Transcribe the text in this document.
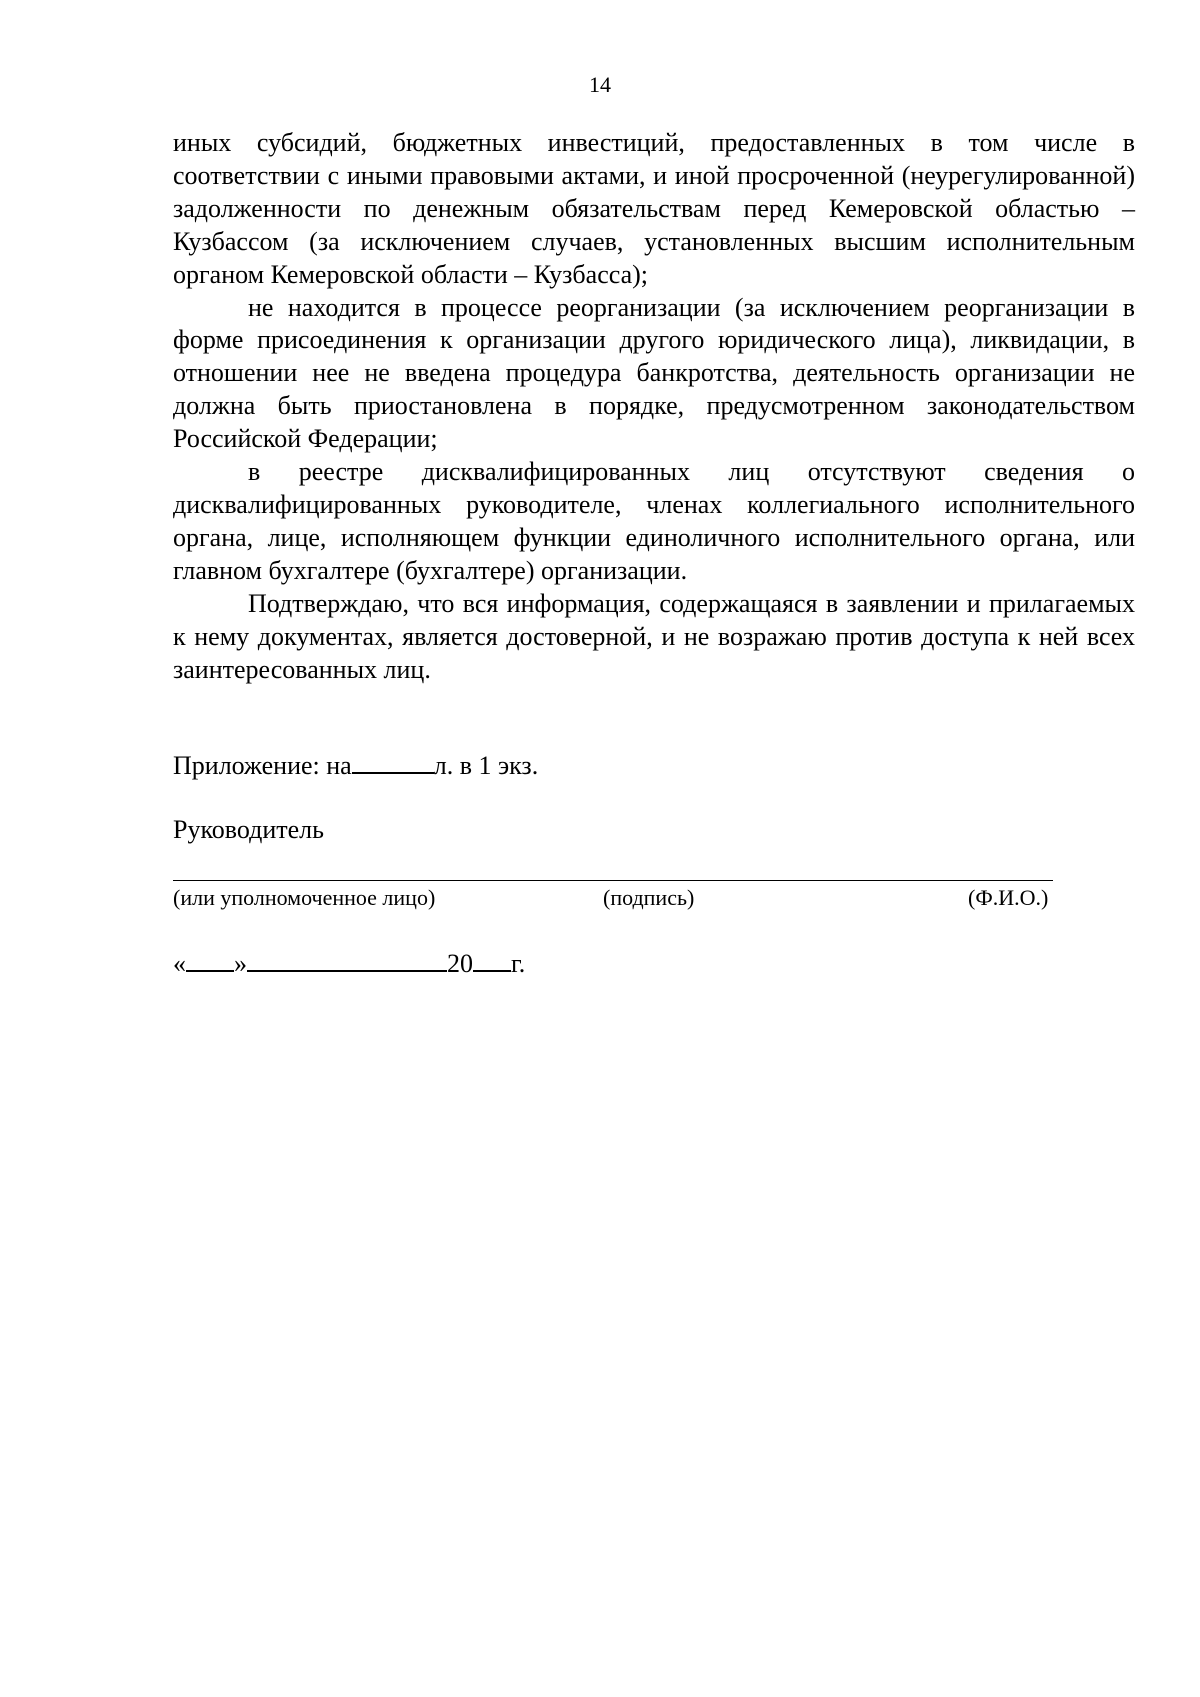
14

иных субсидий, бюджетных инвестиций, предоставленных в том числе в соответствии с иными правовыми актами, и иной просроченной (неурегулированной) задолженности по денежным обязательствам перед Кемеровской областью – Кузбассом (за исключением случаев, установленных высшим исполнительным органом Кемеровской области – Кузбасса);

не находится в процессе реорганизации (за исключением реорганизации в форме присоединения к организации другого юридического лица), ликвидации, в отношении нее не введена процедура банкротства, деятельность организации не должна быть приостановлена в порядке, предусмотренном законодательством Российской Федерации;

в реестре дисквалифицированных лиц отсутствуют сведения о дисквалифицированных руководителе, членах коллегиального исполнительного органа, лице, исполняющем функции единоличного исполнительного органа, или главном бухгалтере (бухгалтере) организации.

Подтверждаю, что вся информация, содержащаяся в заявлении и прилагаемых к нему документах, является достоверной, и не возражаю против доступа к ней всех заинтересованных лиц.

Приложение: на	л. в 1 экз.
Руководитель
(или уполномоченное лицо)	(подпись)	(Ф.И.О.)
« »	20 г.
